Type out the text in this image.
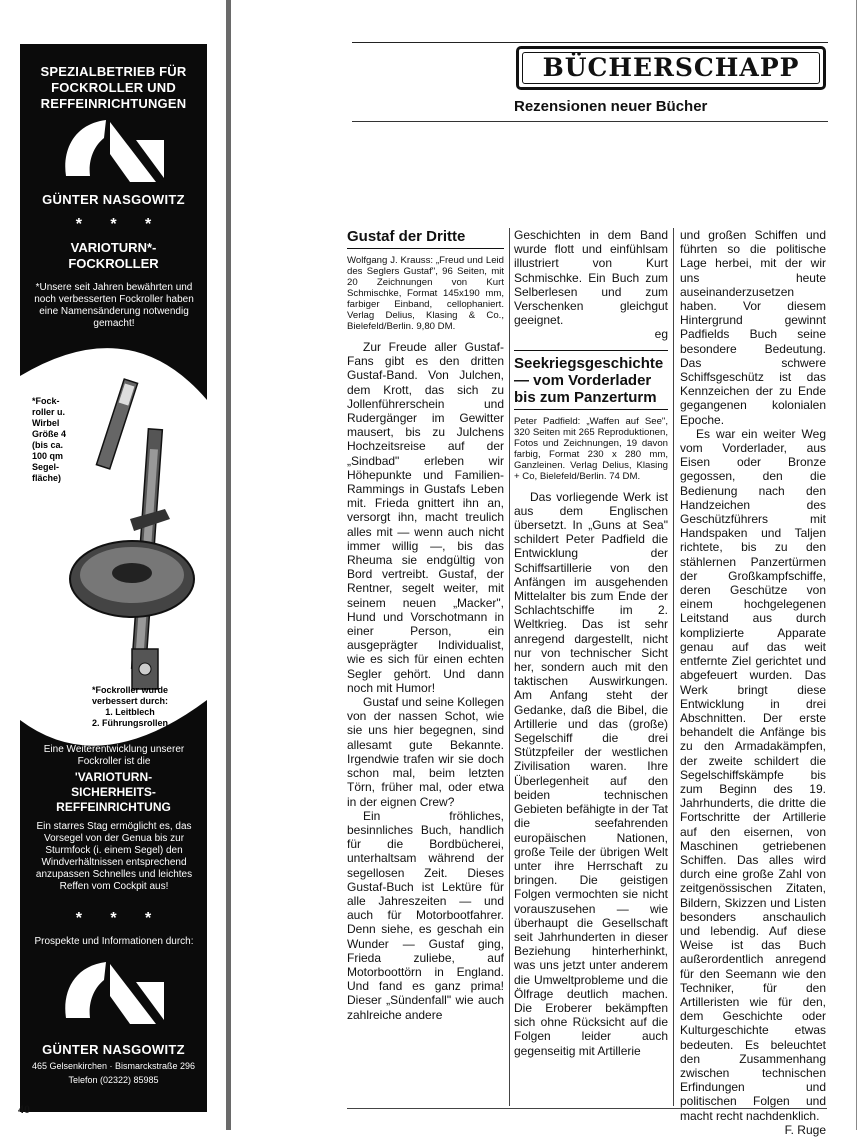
SPEZIALBETRIEB FÜR
FOCKROLLER UND
REFFEINRICHTUNGEN
GÜNTER NASGOWITZ
* * *
VARIOTURN*-
FOCKROLLER
*Unsere seit Jahren bewährten und noch verbesserten Fockroller haben eine Namensänderung notwendig gemacht!
*Fock-
roller u.
Wirbel
Größe 4
(bis ca.
100 qm
Segel-
fläche)
*Fockroller wurde
verbessert durch:
1. Leitblech
2. Führungsrollen
Eine Weiterentwicklung unserer Fockroller ist die
'VARIOTURN-
SICHERHEITS-
REFFEINRICHTUNG
Ein starres Stag ermöglicht es, das Vorsegel von der Genua bis zur Sturmfock (i. einem Segel) den Windverhältnissen entsprechend anzupassen Schnelles und leichtes Reffen vom Cockpit aus!
* * *
Prospekte und Informationen durch:
GÜNTER NASGOWITZ
465 Gelsenkirchen · Bismarckstraße 296
Telefon (02322) 85985
40
BÜCHERSCHAPP
Rezensionen neuer Bücher
Gustaf der Dritte
Wolfgang J. Krauss: „Freud und Leid des Seglers Gustaf", 96 Seiten, mit 20 Zeichnungen von Kurt Schmischke, Format 145x190 mm, farbiger Einband, cellophaniert. Verlag Delius, Klasing & Co., Bielefeld/Berlin. 9,80 DM.

Zur Freude aller Gustaf-Fans gibt es den dritten Gustaf-Band. Von Julchen, dem Krott, das sich zu Jollenführerschein und Rudergänger im Gewitter mausert, bis zu Julchens Hochzeitsreise auf der „Sindbad" erleben wir Höhepunkte und Familien-Rammings in Gustafs Leben mit. Frieda gnittert ihn an, versorgt ihn, macht treulich alles mit — wenn auch nicht immer willig —, bis das Rheuma sie endgültig von Bord vertreibt. Gustaf, der Rentner, segelt weiter, mit seinem neuen „Macker", Hund und Vorschotmann in einer Person, ein ausgeprägter Individualist, wie es sich für einen echten Segler gehört. Und dann noch mit Humor!

Gustaf und seine Kollegen von der nassen Schot, wie sie uns hier begegnen, sind allesamt gute Bekannte. Irgendwie trafen wir sie doch schon mal, beim letzten Törn, früher mal, oder etwa in der eignen Crew?

Ein fröhliches, besinnliches Buch, handlich für die Bordbücherei, unterhaltsam während der segellosen Zeit. Dieses Gustaf-Buch ist Lektüre für alle Jahreszeiten — und auch für Motorbootfahrer. Denn siehe, es geschah ein Wunder — Gustaf ging, Frieda zuliebe, auf Motorboottörn in England. Und fand es ganz prima! Dieser „Sündenfall" wie auch zahlreiche andere

Geschichten in dem Band wurde flott und einfühlsam illustriert von Kurt Schmischke. Ein Buch zum Selberlesen und zum Verschenken gleichgut geeignet.

eg
Seekriegsgeschichte — vom Vorderlader bis zum Panzerturm
Peter Padfield: „Waffen auf See", 320 Seiten mit 265 Reproduktionen, Fotos und Zeichnungen, 19 davon farbig, Format 230 x 280 mm, Ganzleinen. Verlag Delius, Klasing + Co, Bielefeld/Berlin. 74 DM.

Das vorliegende Werk ist aus dem Englischen übersetzt. In „Guns at Sea" schildert Peter Padfield die Entwicklung der Schiffsartillerie von den Anfängen im ausgehenden Mittelalter bis zum Ende der Schlachtschiffe im 2. Weltkrieg. Das ist sehr anregend dargestellt, nicht nur von technischer Sicht her, sondern auch mit den taktischen Auswirkungen. Am Anfang steht der Gedanke, daß die Bibel, die Artillerie und das (große) Segelschiff die drei Stützpfeiler der westlichen Zivilisation waren. Ihre Überlegenheit auf den beiden technischen Gebieten befähigte in der Tat die seefahrenden europäischen Nationen, große Teile der übrigen Welt unter ihre Herrschaft zu bringen. Die geistigen Folgen vermochten sie nicht vorauszusehen — wie überhaupt die Gesellschaft seit Jahrhunderten in dieser Beziehung hinterherhinkt, was uns jetzt unter anderem die Umweltprobleme und die Ölfrage deutlich machen. Die Eroberer bekämpften sich ohne Rücksicht auf die Folgen leider auch gegenseitig mit Artillerie

und großen Schiffen und führten so die politische Lage herbei, mit der wir uns heute auseinanderzusetzen haben. Vor diesem Hintergrund gewinnt Padfields Buch seine besondere Bedeutung. Das schwere Schiffsgeschütz ist das Kennzeichen der zu Ende gegangenen kolonialen Epoche.

Es war ein weiter Weg vom Vorderlader, aus Eisen oder Bronze gegossen, den die Bedienung nach den Handzeichen des Geschützführers mit Handspaken und Taljen richtete, bis zu den stählernen Panzertürmen der Großkampfschiffe, deren Geschütze von einem hochgelegenen Leitstand aus durch komplizierte Apparate genau auf das weit entfernte Ziel gerichtet und abgefeuert wurden. Das Werk bringt diese Entwicklung in drei Abschnitten. Der erste behandelt die Anfänge bis zu den Armadakämpfen, der zweite schildert die Segelschiffskämpfe bis zum Beginn des 19. Jahrhunderts, die dritte die Fortschritte der Artillerie auf den eisernen, von Maschinen getriebenen Schiffen. Das alles wird durch eine große Zahl von zeitgenössischen Zitaten, Bildern, Skizzen und Listen besonders anschaulich und lebendig. Auf diese Weise ist das Buch außerordentlich anregend für den Seemann wie den Techniker, für den Artilleristen wie für den, dem Geschichte oder Kulturgeschichte etwas bedeuten. Es beleuchtet den Zusammenhang zwischen technischen Erfindungen und politischen Folgen und macht recht nachdenklich.

F. Ruge
